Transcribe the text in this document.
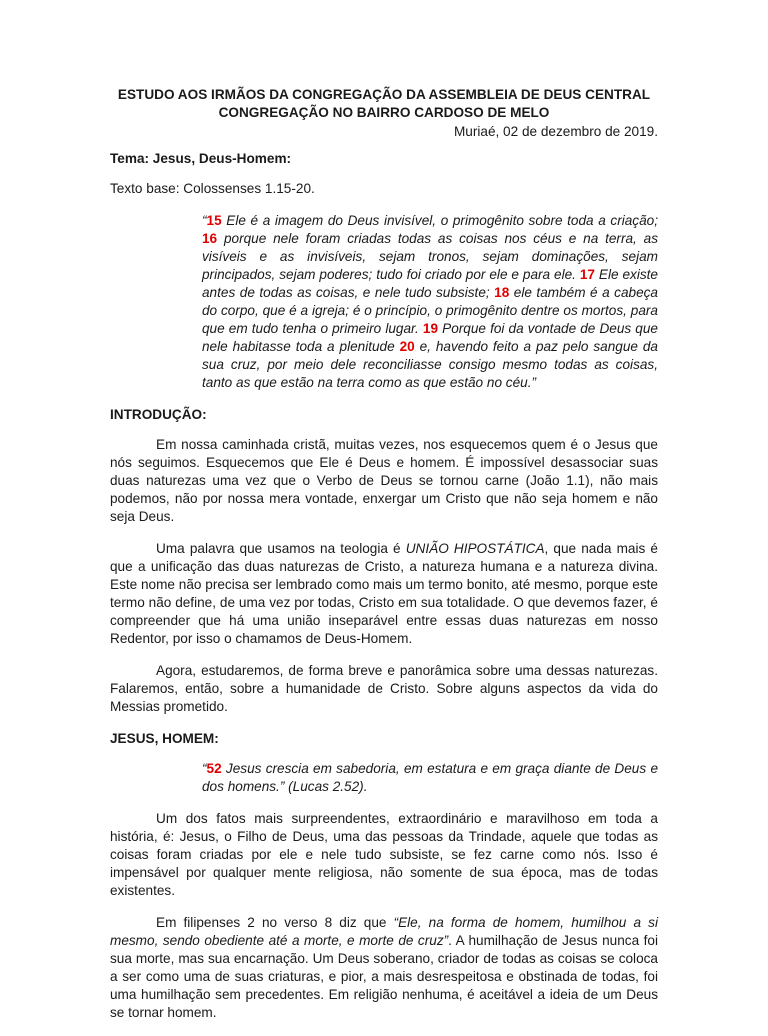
ESTUDO AOS IRMÃOS DA CONGREGAÇÃO DA ASSEMBLEIA DE DEUS CENTRAL
CONGREGAÇÃO NO BAIRRO CARDOSO DE MELO
Muriaé, 02 de dezembro de 2019.
Tema: Jesus, Deus-Homem:
Texto base: Colossenses 1.15-20.
“15 Ele é a imagem do Deus invisível, o primogênito sobre toda a criação; 16 porque nele foram criadas todas as coisas nos céus e na terra, as visíveis e as invisíveis, sejam tronos, sejam dominações, sejam principados, sejam poderes; tudo foi criado por ele e para ele. 17 Ele existe antes de todas as coisas, e nele tudo subsiste; 18 ele também é a cabeça do corpo, que é a igreja; é o princípio, o primogênito dentre os mortos, para que em tudo tenha o primeiro lugar. 19 Porque foi da vontade de Deus que nele habitasse toda a plenitude 20 e, havendo feito a paz pelo sangue da sua cruz, por meio dele reconciliasse consigo mesmo todas as coisas, tanto as que estão na terra como as que estão no céu.”
INTRODUÇÃO:
Em nossa caminhada cristã, muitas vezes, nos esquecemos quem é o Jesus que nós seguimos. Esquecemos que Ele é Deus e homem. É impossível desassociar suas duas naturezas uma vez que o Verbo de Deus se tornou carne (João 1.1), não mais podemos, não por nossa mera vontade, enxergar um Cristo que não seja homem e não seja Deus.
Uma palavra que usamos na teologia é UNIÃO HIPOSTÁTICA, que nada mais é que a unificação das duas naturezas de Cristo, a natureza humana e a natureza divina. Este nome não precisa ser lembrado como mais um termo bonito, até mesmo, porque este termo não define, de uma vez por todas, Cristo em sua totalidade. O que devemos fazer, é compreender que há uma união inseparável entre essas duas naturezas em nosso Redentor, por isso o chamamos de Deus-Homem.
Agora, estudaremos, de forma breve e panorâmica sobre uma dessas naturezas. Falaremos, então, sobre a humanidade de Cristo. Sobre alguns aspectos da vida do Messias prometido.
JESUS, HOMEM:
“52 Jesus crescia em sabedoria, em estatura e em graça diante de Deus e dos homens.” (Lucas 2.52).
Um dos fatos mais surpreendentes, extraordinário e maravilhoso em toda a história, é: Jesus, o Filho de Deus, uma das pessoas da Trindade, aquele que todas as coisas foram criadas por ele e nele tudo subsiste, se fez carne como nós. Isso é impensável por qualquer mente religiosa, não somente de sua época, mas de todas existentes.
Em filipenses 2 no verso 8 diz que “Ele, na forma de homem, humilhou a si mesmo, sendo obediente até a morte, e morte de cruz”. A humilhação de Jesus nunca foi sua morte, mas sua encarnação. Um Deus soberano, criador de todas as coisas se coloca a ser como uma de suas criaturas, e pior, a mais desrespeitosa e obstinada de todas, foi uma humilhação sem precedentes. Em religião nenhuma, é aceitável a ideia de um Deus se tornar homem.
